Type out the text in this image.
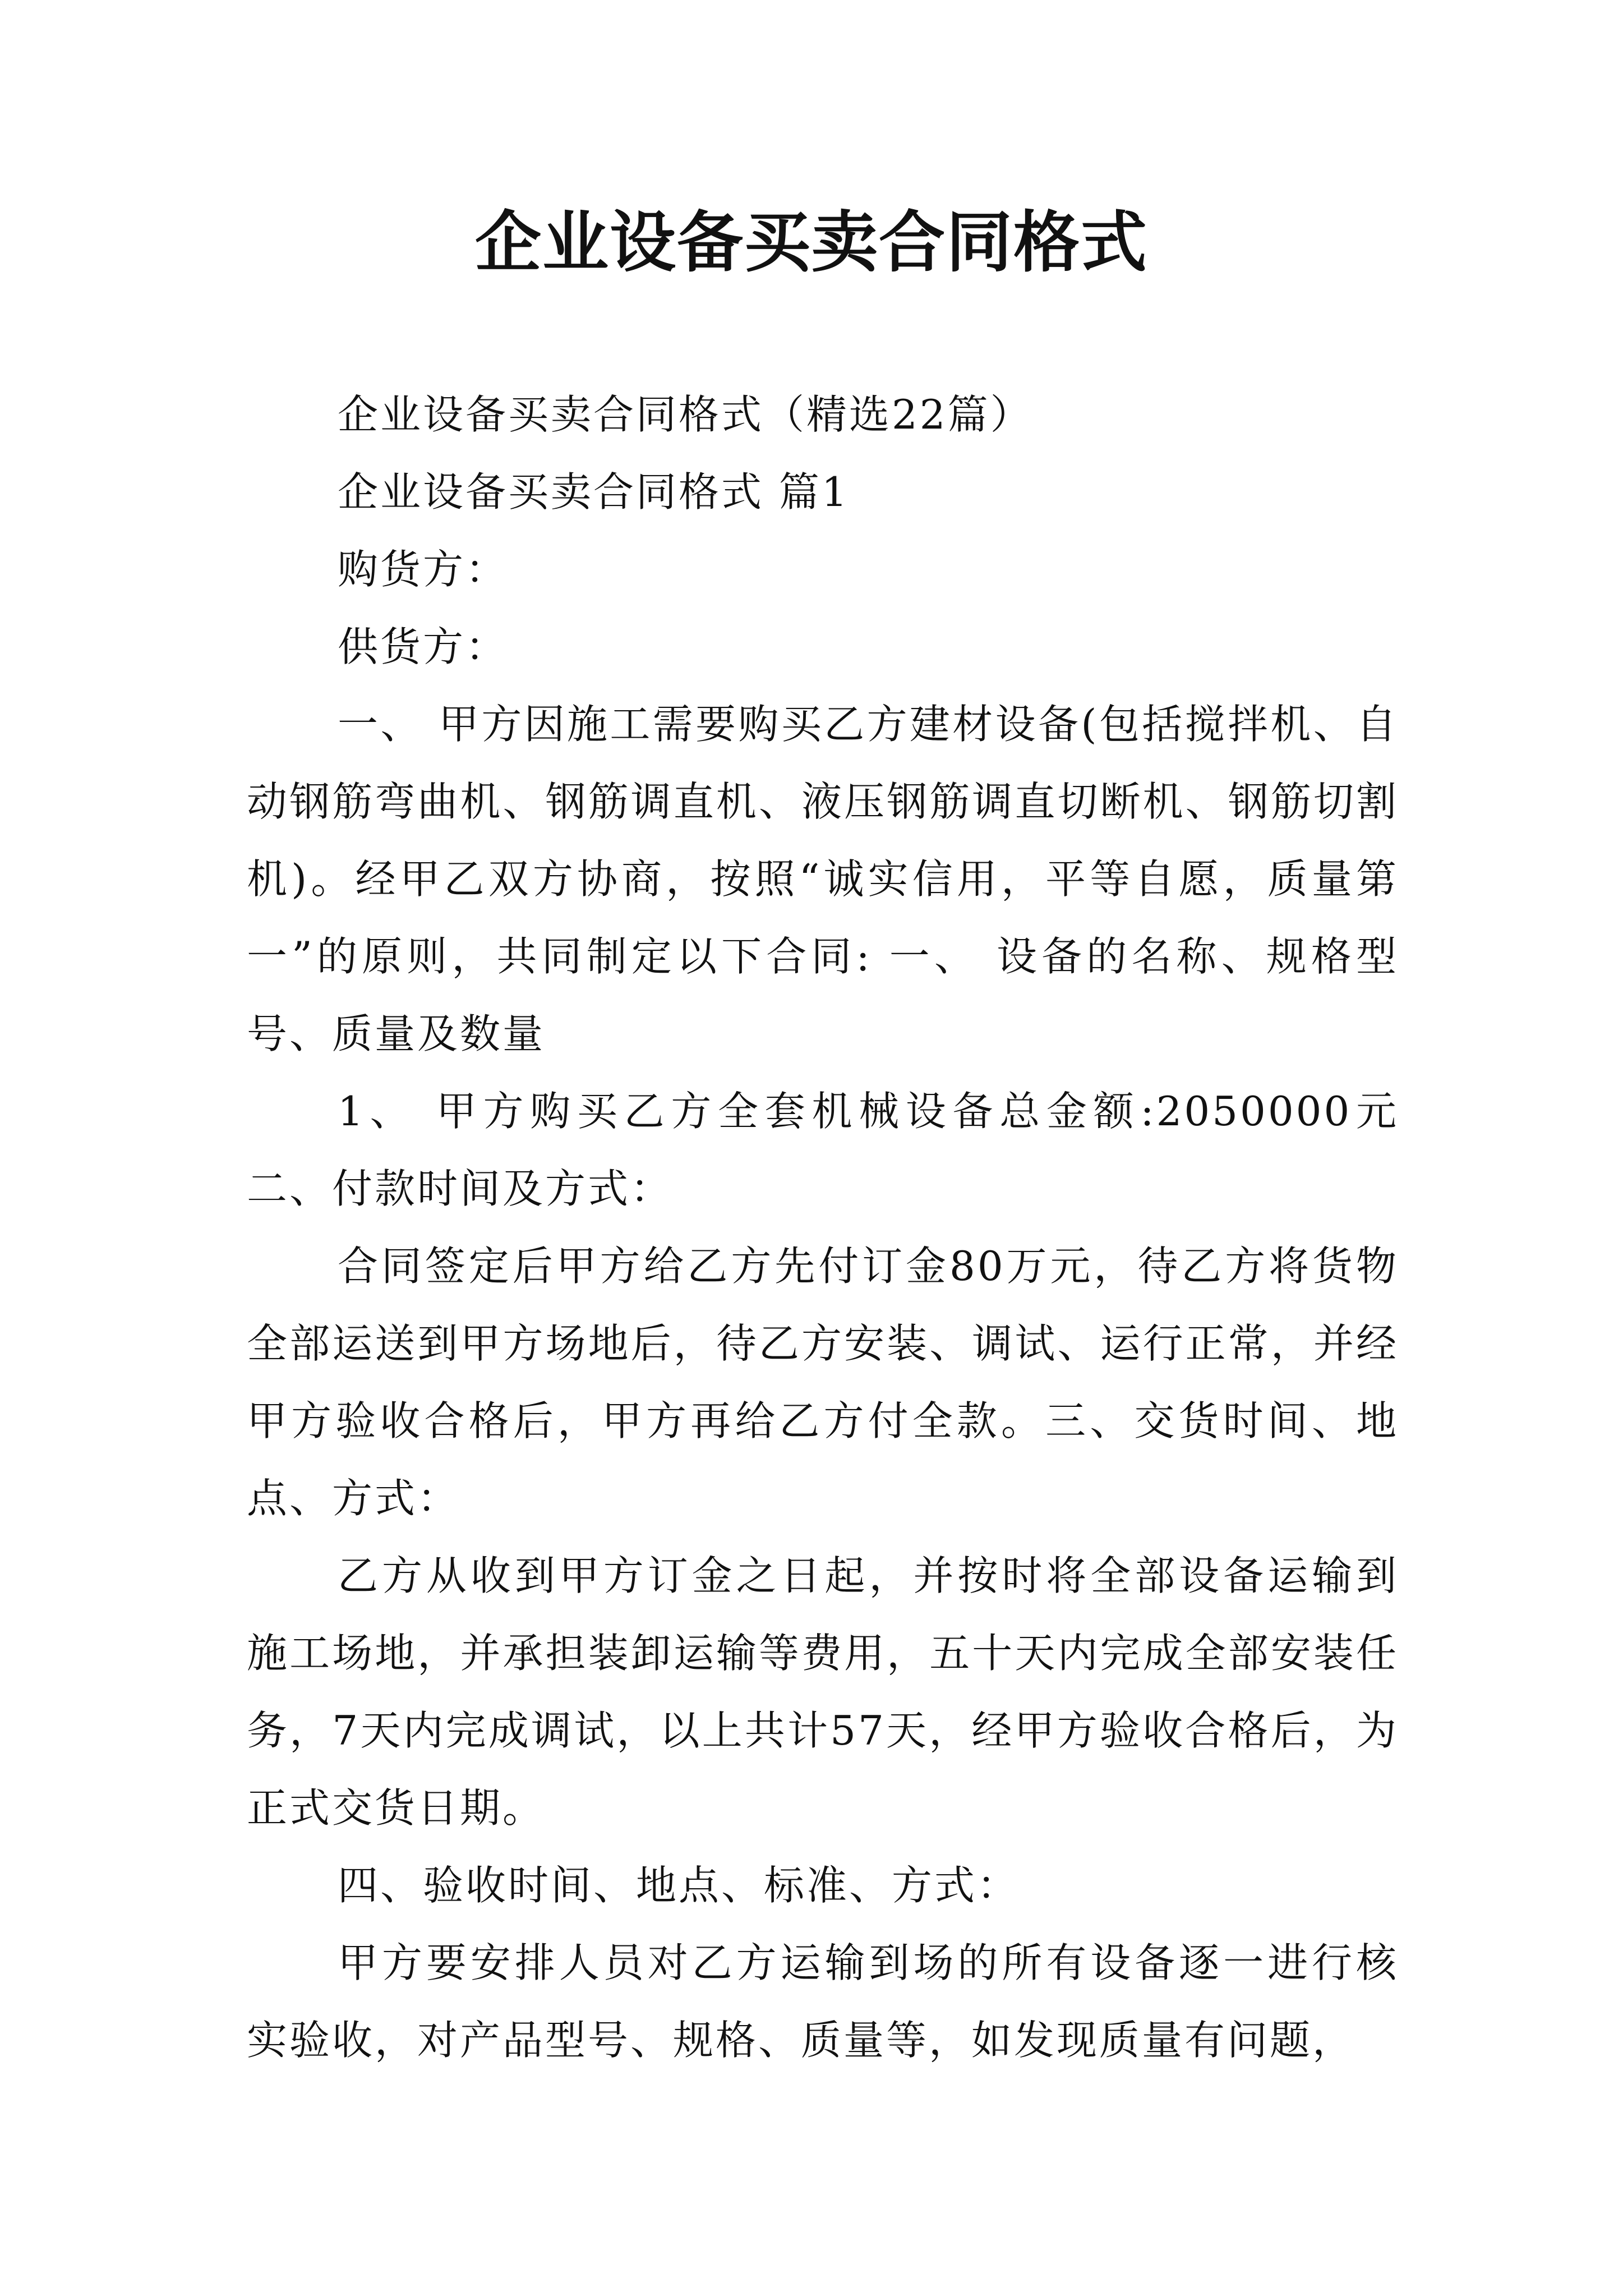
企业设备买卖合同格式

企业设备买卖合同格式（精选22篇）

企业设备买卖合同格式 篇1

购货方：

供货方：

一、 甲方因施工需要购买乙方建材设备(包括搅拌机、自动钢筋弯曲机、钢筋调直机、液压钢筋调直切断机、钢筋切割机)。经甲乙双方协商，按照“诚实信用，平等自愿，质量第一”的原则，共同制定以下合同: 一、 设备的名称、规格型号、质量及数量

1、 甲方购买乙方全套机械设备总金额:2050000元 二、付款时间及方式：

合同签定后甲方给乙方先付订金80万元，待乙方将货物全部运送到甲方场地后，待乙方安装、调试、运行正常，并经甲方验收合格后，甲方再给乙方付全款。三、交货时间、地点、方式：

乙方从收到甲方订金之日起，并按时将全部设备运输到施工场地，并承担装卸运输等费用，五十天内完成全部安装任务，7天内完成调试，以上共计57天，经甲方验收合格后，为正式交货日期。

四、验收时间、地点、标准、方式：

甲方要安排人员对乙方运输到场的所有设备逐一进行核实验收，对产品型号、规格、质量等，如发现质量有问题，
